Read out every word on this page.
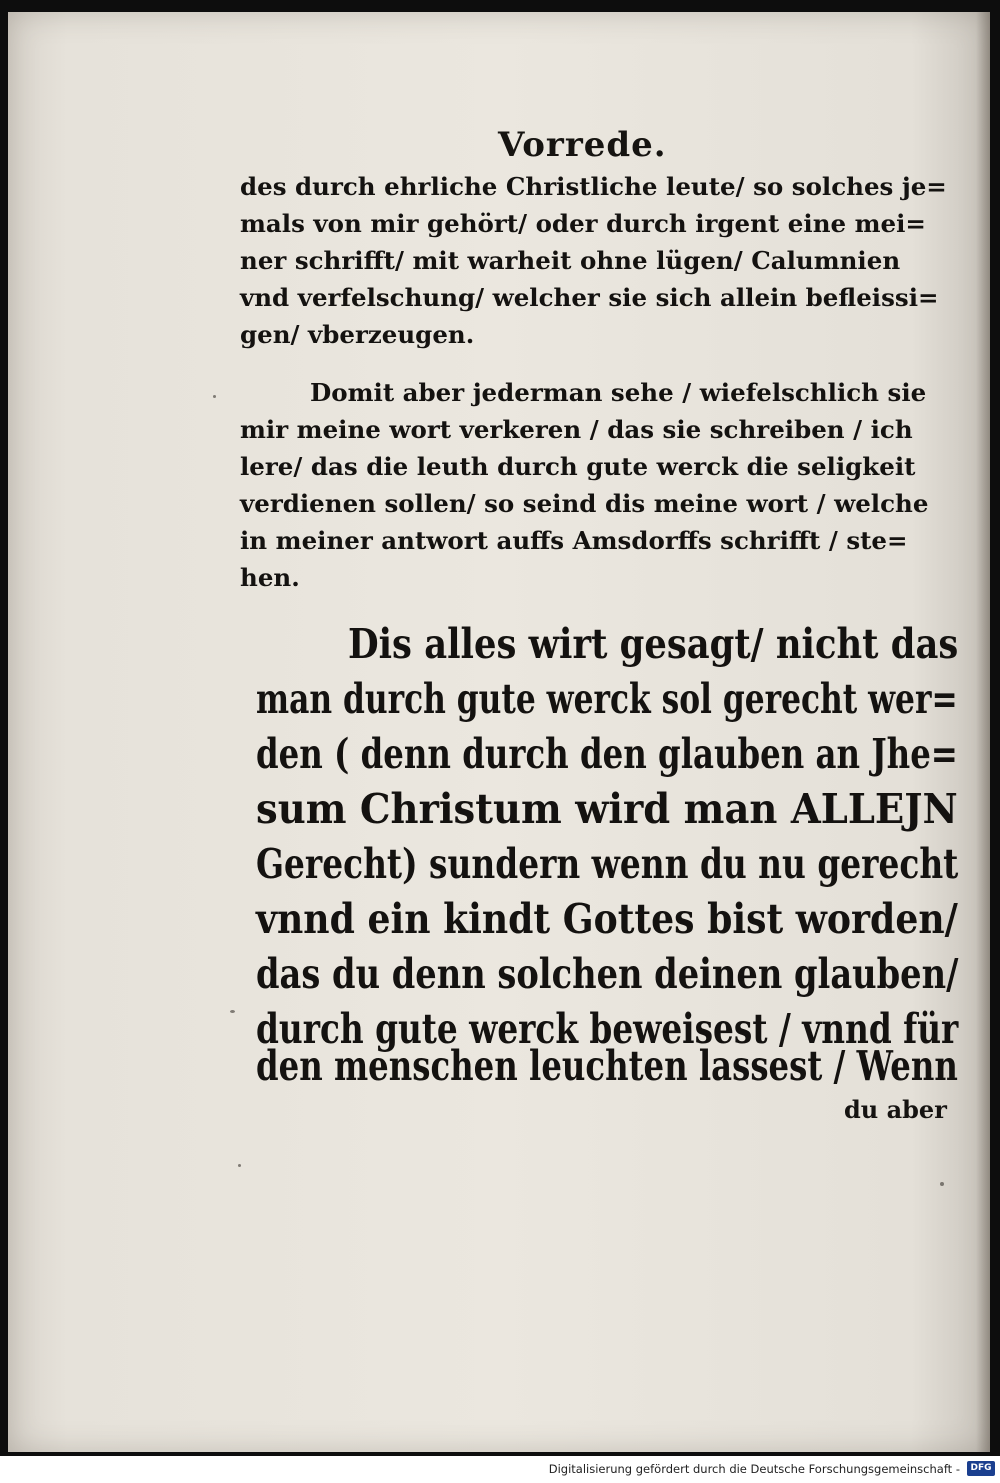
Vorrede.
des durch ehrliche Christliche leute/ so solches je=
mals von mir gehört/ oder durch irgent eine mei=
ner schrifft/ mit warheit ohne lügen/ Calumnien
vnd verfelschung/ welcher sie sich allein befleissi=
gen/ vberzeugen.
Domit aber jederman sehe / wiefelschlich sie
mir meine wort verkeren / das sie schreiben / ich
lere/ das die leuth durch gute werck die seligkeit
verdienen sollen/ so seind dis meine wort / welche
in meiner antwort auffs Amsdorffs schrifft / ste=
hen.
Dis alles wirt gesagt/ nicht das
man durch gute werck sol gerecht wer=
den ( denn durch den glauben an Jhe=
sum Christum wird man ALLEJN
Gerecht) sundern wenn du nu gerecht
vnnd ein kindt Gottes bist worden/
das du denn solchen deinen glauben/
durch gute werck beweisest / vnnd für
den menschen leuchten lassest / Wenn
du aber
Digitalisierung gefördert durch die Deutsche Forschungsgemeinschaft -	DFG
